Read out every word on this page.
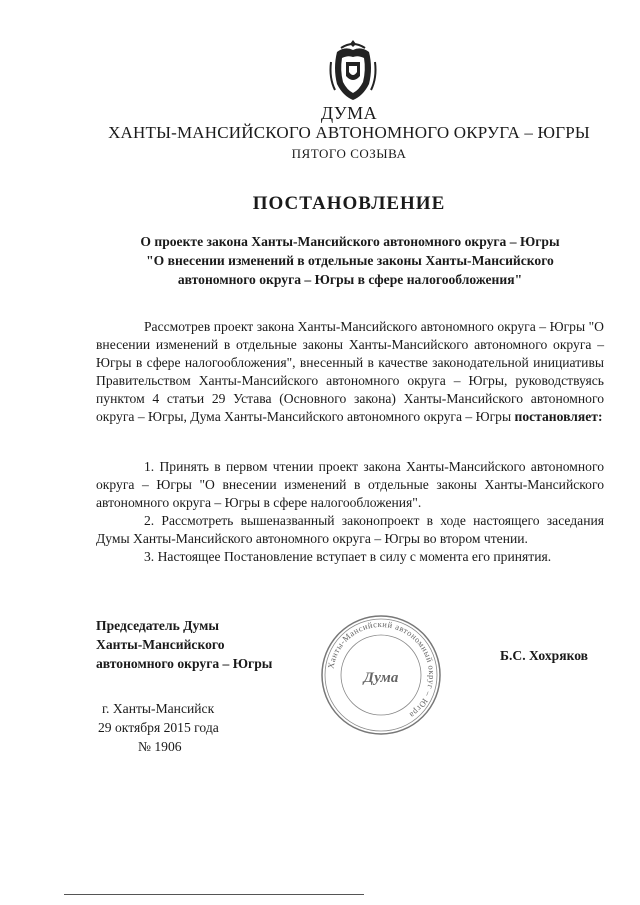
ДУМА
ХАНТЫ-МАНСИЙСКОГО АВТОНОМНОГО ОКРУГА – ЮГРЫ
ПЯТОГО СОЗЫВА
ПОСТАНОВЛЕНИЕ
О проекте закона Ханты-Мансийского автономного округа – Югры
"О внесении изменений в отдельные законы Ханты-Мансийского
автономного округа – Югры в сфере налогообложения"
Рассмотрев проект закона Ханты-Мансийского автономного округа – Югры "О внесении изменений в отдельные законы Ханты-Мансийского автономного округа – Югры в сфере налогообложения", внесенный в качестве законодательной инициативы Правительством Ханты-Мансийского автономного округа – Югры, руководствуясь пунктом 4 статьи 29 Устава (Основного закона) Ханты-Мансийского автономного округа – Югры, Дума Ханты-Мансийского автономного округа – Югры постановляет:

1. Принять в первом чтении проект закона Ханты-Мансийского автономного округа – Югры "О внесении изменений в отдельные законы Ханты-Мансийского автономного округа – Югры в сфере налогообложения".

2. Рассмотреть вышеназванный законопроект в ходе настоящего заседания Думы Ханты-Мансийского автономного округа – Югры во втором чтении.

3. Настоящее Постановление вступает в силу с момента его принятия.

Председатель Думы
Ханты-Мансийского
автономного округа – Югры	Ханты-Мансийский автономный округ – Югра
Дума
Б.С. Хохряков
г. Ханты-Мансийск
29 октября 2015 года
№ 1906
